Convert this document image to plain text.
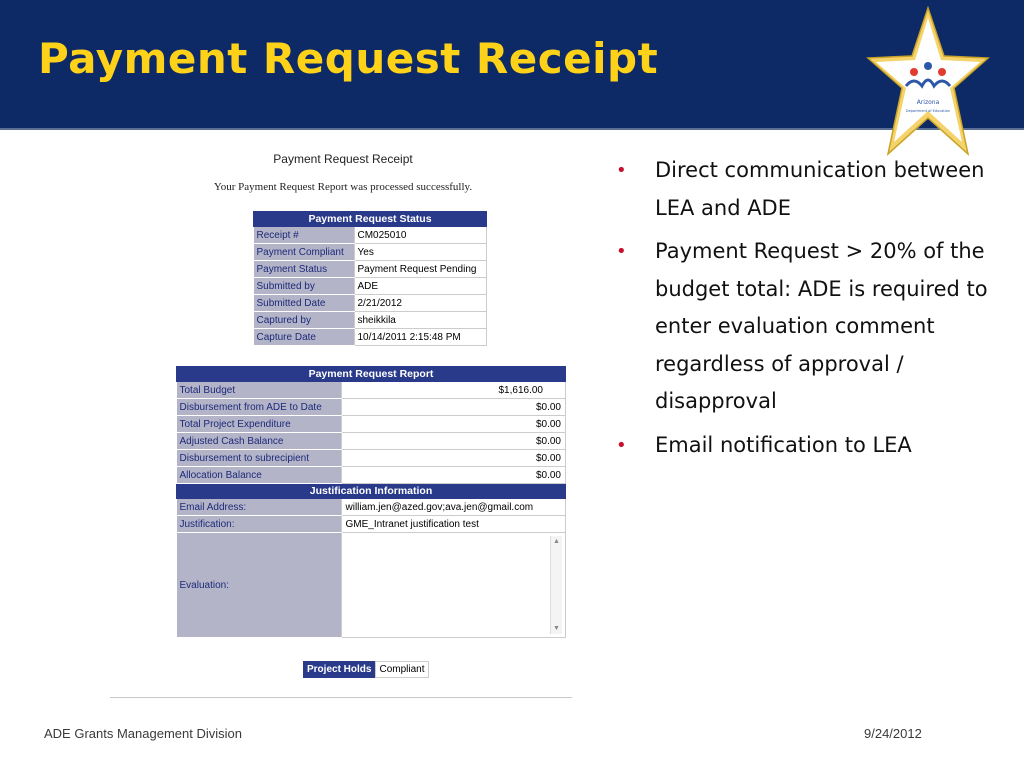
Payment Request Receipt
Arizona
Department of Education
Payment Request Receipt
Your Payment Request Report was processed successfully.
Payment Request Status	
Receipt #	CM025010
Payment Compliant	Yes
Payment Status	Payment Request Pending
Submitted by	ADE
Submitted Date	2/21/2012
Captured by	sheikkila
Capture Date	10/14/2011 2:15:48 PM
Payment Request Report	
Total Budget	$1,616.00
Disbursement from ADE to Date	$0.00
Total Project Expenditure	$0.00
Adjusted Cash Balance	$0.00
Disbursement to subrecipient	$0.00
Allocation Balance	$0.00
Justification Information	
Email Address:	william.jen@azed.gov;ava.jen@gmail.com
Justification:	GME_Intranet justification test
Evaluation:	▲
▼
Project Holds Compliant
• Direct communication between LEA and ADE
• Payment Request > 20% of the budget total: ADE is required to enter evaluation comment regardless of approval / disapproval
• Email notification to LEA
ADE Grants Management Division	9/24/2012
